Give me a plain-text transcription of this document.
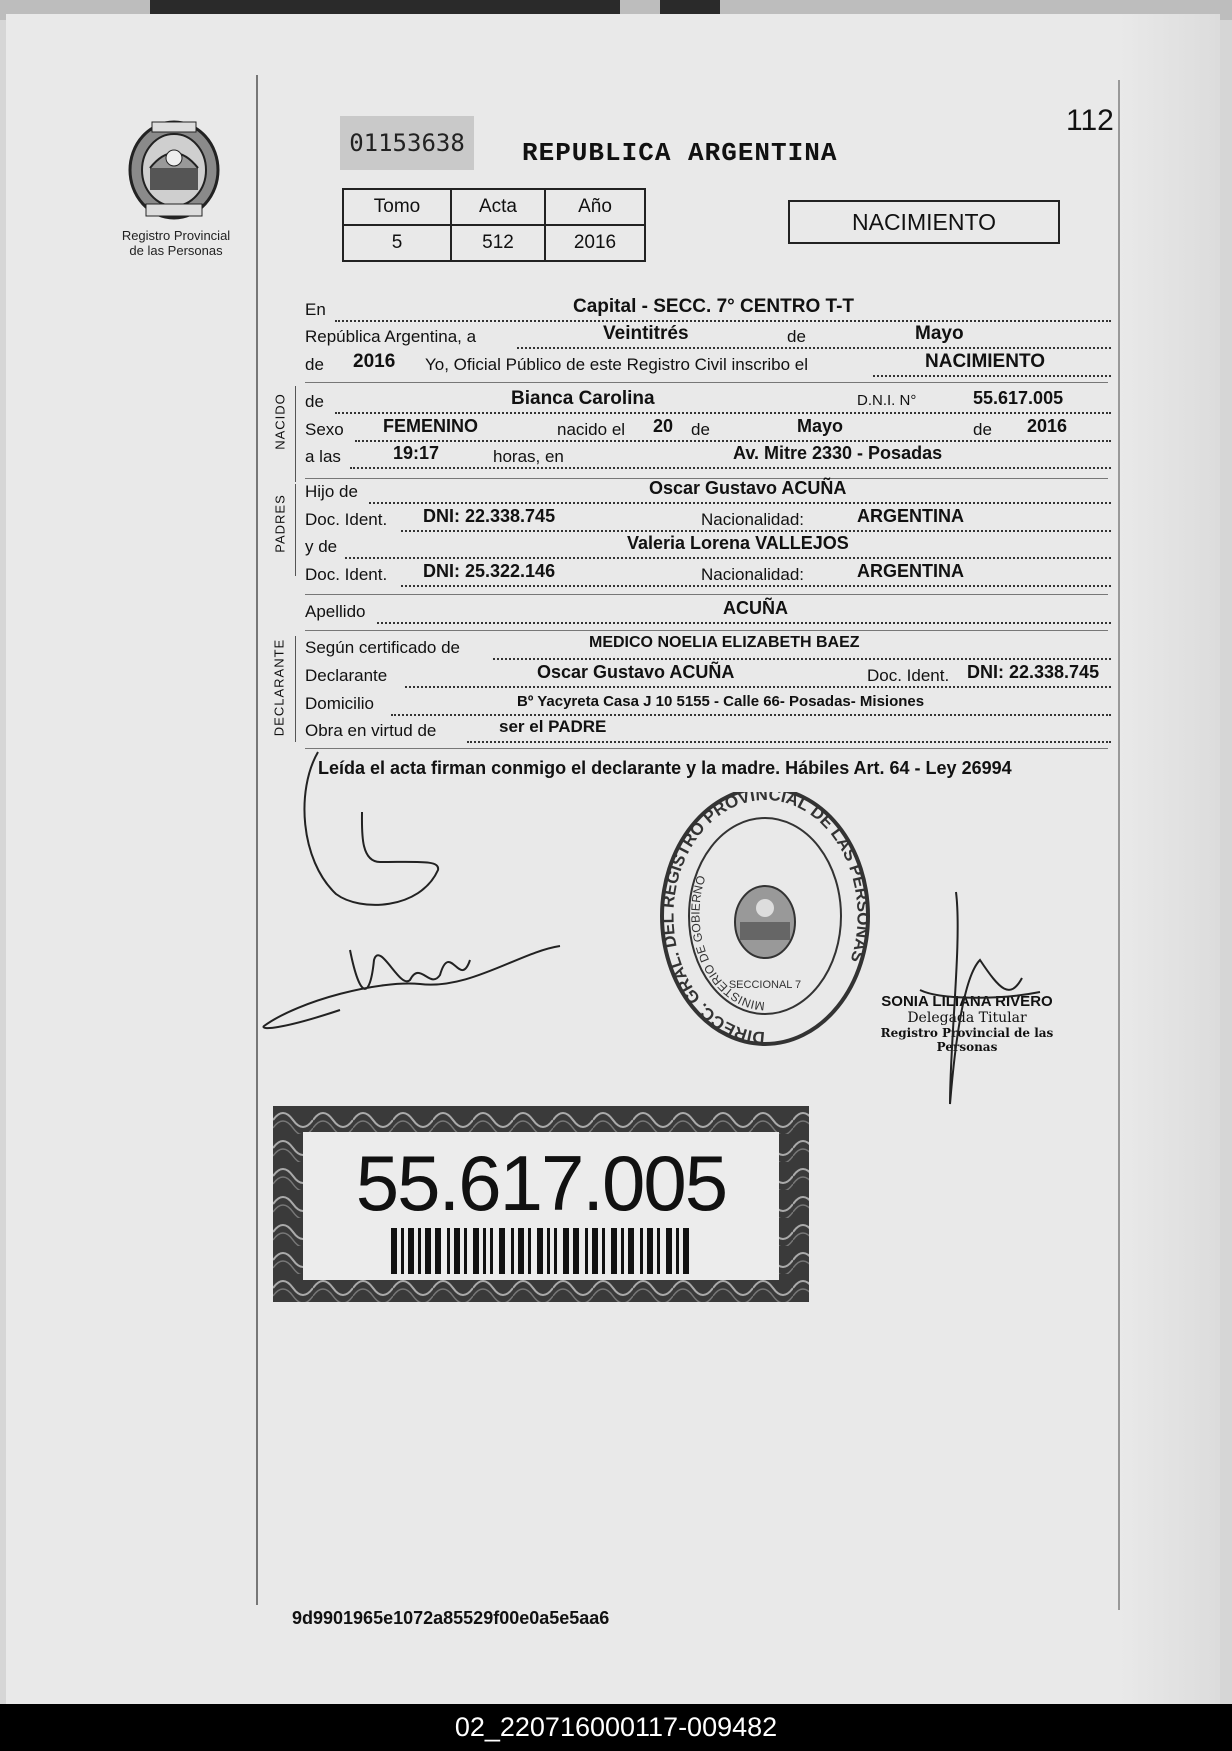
Registro Provincial
de las Personas
01153638	REPUBLICA ARGENTINA
112
Tomo	Acta	Año
5	512	2016
NACIMIENTO
En	Capital - SECC. 7° CENTRO T-T
República Argentina, a	Veintitrés	de	Mayo
de 2016 Yo, Oficial Público de este Registro Civil inscribo el	NACIMIENTO
NACIDO de	Bianca Carolina	D.N.I. N°	55.617.005
Sexo FEMENINO	nacido el 20 de	Mayo	de 2016
a las	19:17	horas, en	Av. Mitre 2330 - Posadas
PADRES
Hijo de	Oscar Gustavo ACUÑA
Doc. Ident. DNI: 22.338.745	Nacionalidad:	ARGENTINA
y de	Valeria Lorena VALLEJOS
Doc. Ident. DNI: 25.322.146	Nacionalidad:	ARGENTINA
Apellido	ACUÑA
DECLARANTE Según certificado de	MEDICO NOELIA ELIZABETH BAEZ
Declarante	Oscar Gustavo ACUÑA	Doc. Ident. DNI: 22.338.745
Domicilio	Bº Yacyreta Casa J 10 5155 - Calle 66- Posadas- Misiones
Obra en virtud de	ser el PADRE
Leída el acta firman conmigo el declarante y la madre. Hábiles Art. 64 - Ley 26994
DIRECC. GRAL. DEL REGISTRO PROVINCIAL DE LAS PERSONAS
MINISTERIO DE GOBIERNO
SECCIONAL 7
SONIA LILIANA RIVERO
Delegada Titular
Registro Provincial de las Personas
55.617.005
9d9901965e1072a85529f00e0a5e5aa6
02_220716000117-009482
